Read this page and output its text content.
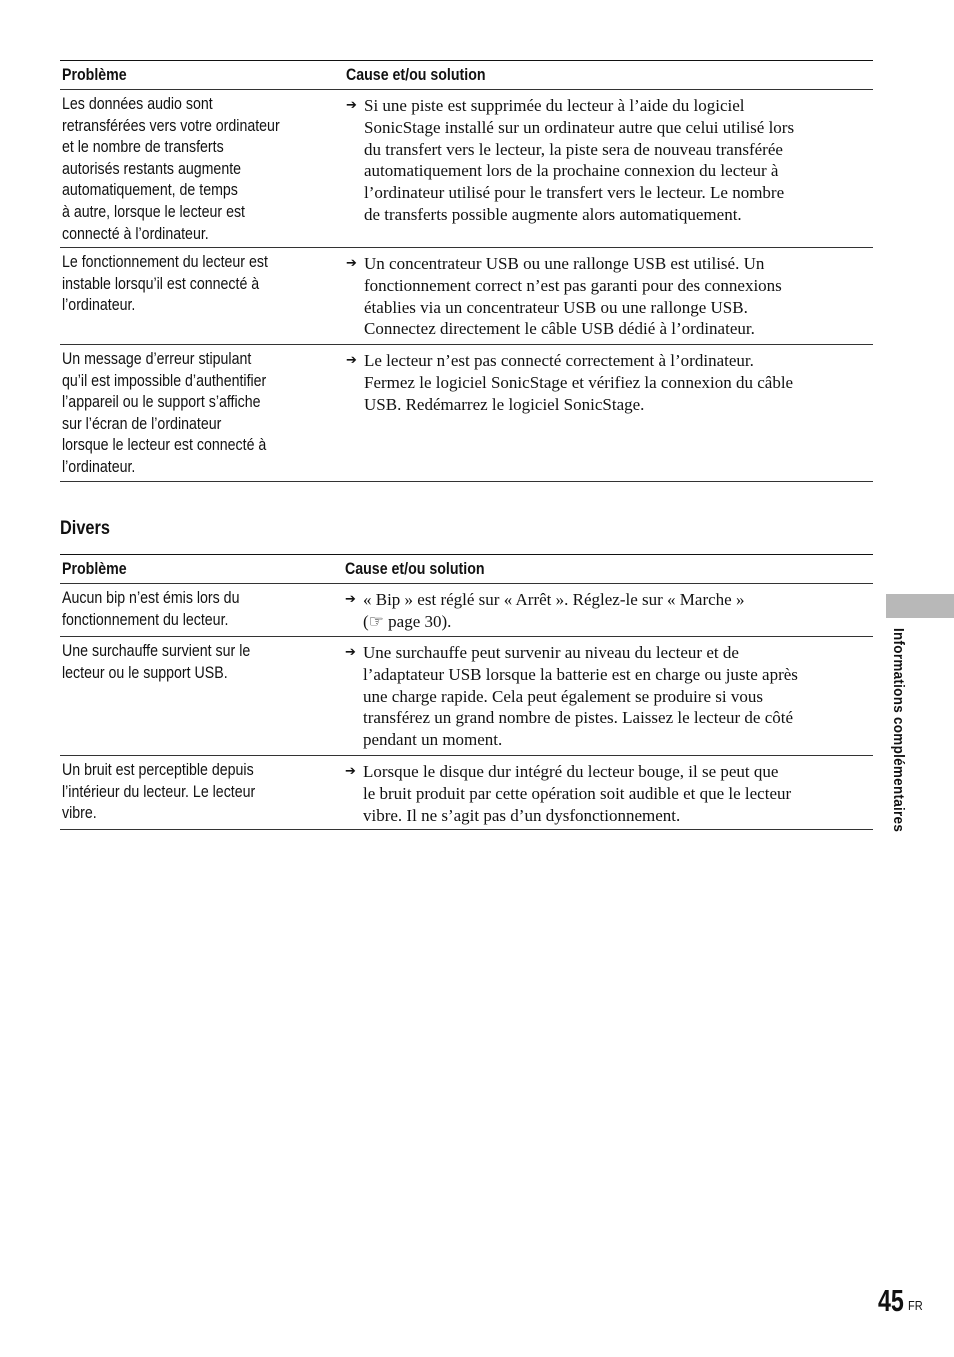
Problème	Cause et/ou solution
Les données audio sont
retransférées vers votre ordinateur
et le nombre de transferts
autorisés restants augmente
automatiquement, de temps
à autre, lorsque le lecteur est
connecté à l’ordinateur.
➔ Si une piste est supprimée du lecteur à l’aide du logiciel
SonicStage installé sur un ordinateur autre que celui utilisé lors
du transfert vers le lecteur, la piste sera de nouveau transférée
automatiquement lors de la prochaine connexion du lecteur à
l’ordinateur utilisé pour le transfert vers le lecteur. Le nombre
de transferts possible augmente alors automatiquement.
Le fonctionnement du lecteur est
instable lorsqu’il est connecté à
l’ordinateur.
➔ Un concentrateur USB ou une rallonge USB est utilisé. Un
fonctionnement correct n’est pas garanti pour des connexions
établies via un concentrateur USB ou une rallonge USB.
Connectez directement le câble USB dédié à l’ordinateur.
Un message d’erreur stipulant
qu’il est impossible d’authentifier
l’appareil ou le support s’affiche
sur l’écran de l’ordinateur
lorsque le lecteur est connecté à
l’ordinateur.
➔ Le lecteur n’est pas connecté correctement à l’ordinateur.
Fermez le logiciel SonicStage et vérifiez la connexion du câble
USB. Redémarrez le logiciel SonicStage.
Divers
Problème	Cause et/ou solution
Aucun bip n’est émis lors du
fonctionnement du lecteur.
➔ « Bip » est réglé sur « Arrêt ». Réglez-le sur « Marche »
(☞ page 30).
Une surchauffe survient sur le
lecteur ou le support USB.
➔ Une surchauffe peut survenir au niveau du lecteur et de
l’adaptateur USB lorsque la batterie est en charge ou juste après
une charge rapide. Cela peut également se produire si vous
transférez un grand nombre de pistes. Laissez le lecteur de côté
pendant un moment.
Un bruit est perceptible depuis
l’intérieur du lecteur. Le lecteur
vibre.
➔ Lorsque le disque dur intégré du lecteur bouge, il se peut que
le bruit produit par cette opération soit audible et que le lecteur
vibre. Il ne s’agit pas d’un dysfonctionnement.	Informations complémentaires
45 FR
